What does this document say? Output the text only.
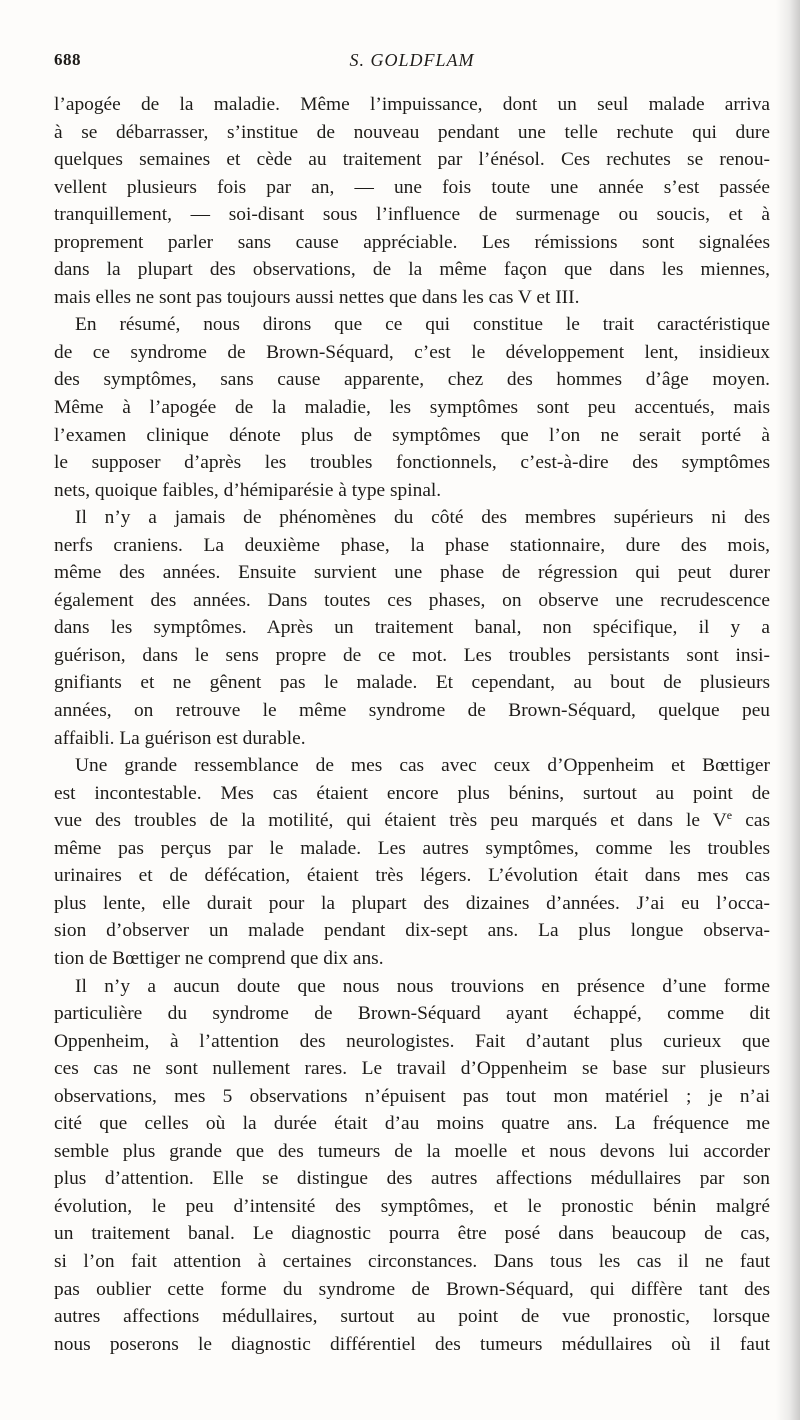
688	S. GOLDFLAM
l’apogée de la maladie. Même l’impuissance, dont un seul malade arriva
à se débarrasser, s’institue de nouveau pendant une telle rechute qui dure
quelques semaines et cède au traitement par l’énésol. Ces rechutes se renou-
vellent plusieurs fois par an, — une fois toute une année s’est passée
tranquillement, — soi-disant sous l’influence de surmenage ou soucis, et à
proprement parler sans cause appréciable. Les rémissions sont signalées
dans la plupart des observations, de la même façon que dans les miennes,
mais elles ne sont pas toujours aussi nettes que dans les cas V et III.
En résumé, nous dirons que ce qui constitue le trait caractéristique
de ce syndrome de Brown-Séquard, c’est le développement lent, insidieux
des symptômes, sans cause apparente, chez des hommes d’âge moyen.
Même à l’apogée de la maladie, les symptômes sont peu accentués, mais
l’examen clinique dénote plus de symptômes que l’on ne serait porté à
le supposer d’après les troubles fonctionnels, c’est-à-dire des symptômes
nets, quoique faibles, d’hémiparésie à type spinal.
Il n’y a jamais de phénomènes du côté des membres supérieurs ni des
nerfs craniens. La deuxième phase, la phase stationnaire, dure des mois,
même des années. Ensuite survient une phase de régression qui peut durer
également des années. Dans toutes ces phases, on observe une recrudescence
dans les symptômes. Après un traitement banal, non spécifique, il y a
guérison, dans le sens propre de ce mot. Les troubles persistants sont insi-
gnifiants et ne gênent pas le malade. Et cependant, au bout de plusieurs
années, on retrouve le même syndrome de Brown-Séquard, quelque peu
affaibli. La guérison est durable.
Une grande ressemblance de mes cas avec ceux d’Oppenheim et Bœttiger
est incontestable. Mes cas étaient encore plus bénins, surtout au point de
vue des troubles de la motilité, qui étaient très peu marqués et dans le Ve cas
même pas perçus par le malade. Les autres symptômes, comme les troubles
urinaires et de défécation, étaient très légers. L’évolution était dans mes cas
plus lente, elle durait pour la plupart des dizaines d’années. J’ai eu l’occa-
sion d’observer un malade pendant dix-sept ans. La plus longue observa-
tion de Bœttiger ne comprend que dix ans.
Il n’y a aucun doute que nous nous trouvions en présence d’une forme
particulière du syndrome de Brown-Séquard ayant échappé, comme dit
Oppenheim, à l’attention des neurologistes. Fait d’autant plus curieux que
ces cas ne sont nullement rares. Le travail d’Oppenheim se base sur plusieurs
observations, mes 5 observations n’épuisent pas tout mon matériel ; je n’ai
cité que celles où la durée était d’au moins quatre ans. La fréquence me
semble plus grande que des tumeurs de la moelle et nous devons lui accorder
plus d’attention. Elle se distingue des autres affections médullaires par son
évolution, le peu d’intensité des symptômes, et le pronostic bénin malgré
un traitement banal. Le diagnostic pourra être posé dans beaucoup de cas,
si l’on fait attention à certaines circonstances. Dans tous les cas il ne faut
pas oublier cette forme du syndrome de Brown-Séquard, qui diffère tant des
autres affections médullaires, surtout au point de vue pronostic, lorsque
nous poserons le diagnostic différentiel des tumeurs médullaires où il faut
